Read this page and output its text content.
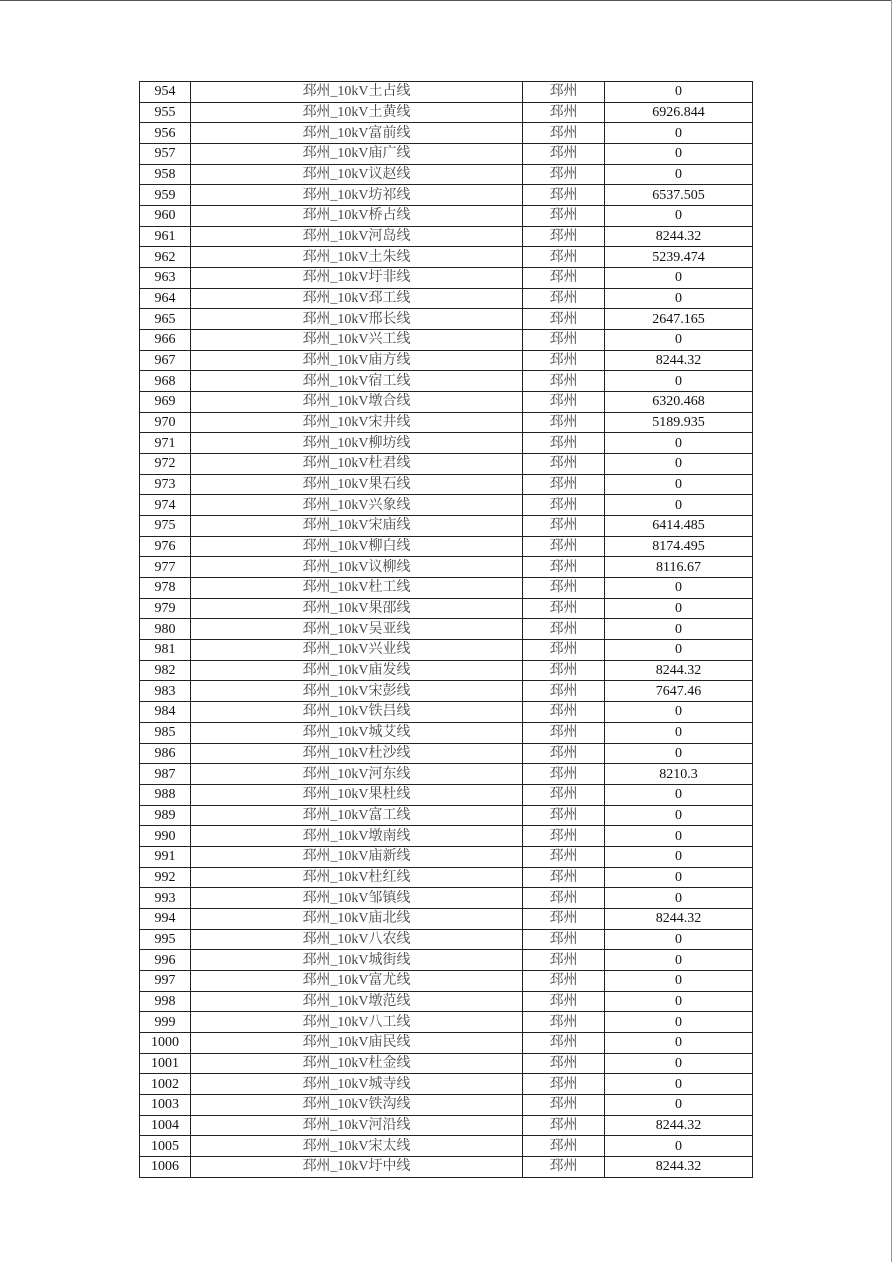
954	邳州_10kV土占线	邳州	0
955	邳州_10kV土黄线	邳州	6926.844
956	邳州_10kV富前线	邳州	0
957	邳州_10kV庙广线	邳州	0
958	邳州_10kV议赵线	邳州	0
959	邳州_10kV坊祁线	邳州	6537.505
960	邳州_10kV桥占线	邳州	0
961	邳州_10kV河岛线	邳州	8244.32
962	邳州_10kV土朱线	邳州	5239.474
963	邳州_10kV圩非线	邳州	0
964	邳州_10kV邳工线	邳州	0
965	邳州_10kV邢长线	邳州	2647.165
966	邳州_10kV兴工线	邳州	0
967	邳州_10kV庙方线	邳州	8244.32
968	邳州_10kV宿工线	邳州	0
969	邳州_10kV墩合线	邳州	6320.468
970	邳州_10kV宋井线	邳州	5189.935
971	邳州_10kV柳坊线	邳州	0
972	邳州_10kV杜君线	邳州	0
973	邳州_10kV果石线	邳州	0
974	邳州_10kV兴象线	邳州	0
975	邳州_10kV宋庙线	邳州	6414.485
976	邳州_10kV柳白线	邳州	8174.495
977	邳州_10kV议柳线	邳州	8116.67
978	邳州_10kV杜工线	邳州	0
979	邳州_10kV果邵线	邳州	0
980	邳州_10kV吴亚线	邳州	0
981	邳州_10kV兴业线	邳州	0
982	邳州_10kV庙发线	邳州	8244.32
983	邳州_10kV宋彭线	邳州	7647.46
984	邳州_10kV铁吕线	邳州	0
985	邳州_10kV城艾线	邳州	0
986	邳州_10kV杜沙线	邳州	0
987	邳州_10kV河东线	邳州	8210.3
988	邳州_10kV果杜线	邳州	0
989	邳州_10kV富工线	邳州	0
990	邳州_10kV墩南线	邳州	0
991	邳州_10kV庙新线	邳州	0
992	邳州_10kV杜红线	邳州	0
993	邳州_10kV邹镇线	邳州	0
994	邳州_10kV庙北线	邳州	8244.32
995	邳州_10kV八农线	邳州	0
996	邳州_10kV城街线	邳州	0
997	邳州_10kV富尤线	邳州	0
998	邳州_10kV墩范线	邳州	0
999	邳州_10kV八工线	邳州	0
1000	邳州_10kV庙民线	邳州	0
1001	邳州_10kV杜金线	邳州	0
1002	邳州_10kV城寺线	邳州	0
1003	邳州_10kV铁沟线	邳州	0
1004	邳州_10kV河沿线	邳州	8244.32
1005	邳州_10kV宋太线	邳州	0
1006	邳州_10kV圩中线	邳州	8244.32
